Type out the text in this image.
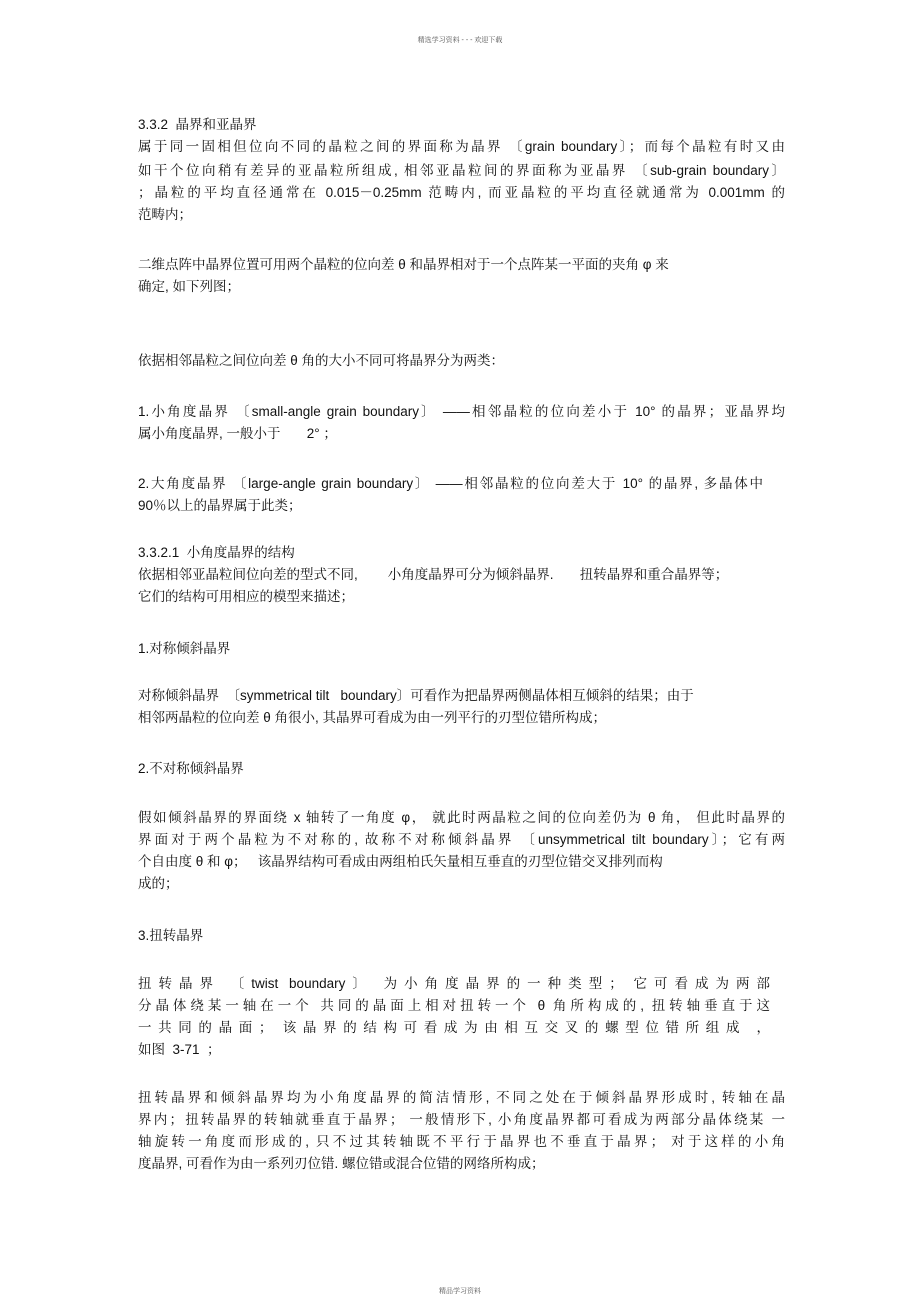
精选学习资料 - - - 欢迎下载
3.3.2  晶界和亚晶界
属于同一固相但位向不同的晶粒之间的界面称为晶界 〔grain boundary〕；而每个晶粒有时又由
如干个位向稍有差异的亚晶粒所组成, 相邻亚晶粒间的界面称为亚晶界 〔sub-grain boundary〕
；晶粒的平均直径通常在 0.015－0.25mm 范畴内, 而亚晶粒的平均直径就通常为 0.001mm 的
范畴内；
二维点阵中晶界位置可用两个晶粒的位向差 θ 和晶界相对于一个点阵某一平面的夹角 φ 来
确定, 如下列图；
依据相邻晶粒之间位向差 θ 角的大小不同可将晶界分为两类：
1.小角度晶界 〔small-angle grain boundary〕 ——相邻晶粒的位向差小于 10° 的晶界；亚晶界均
属小角度晶界, 一般小于       2° ；
2.大角度晶界 〔large-angle grain boundary〕 ——相邻晶粒的位向差大于 10° 的晶界, 多晶体中
90％以上的晶界属于此类；
3.3.2.1  小角度晶界的结构
依据相邻亚晶粒间位向差的型式不同,        小角度晶界可分为倾斜晶界.       扭转晶界和重合晶界等；
它们的结构可用相应的模型来描述；
1.对称倾斜晶界
对称倾斜晶界  〔symmetrical tilt   boundary〕可看作为把晶界两侧晶体相互倾斜的结果；由于
相邻两晶粒的位向差 θ 角很小, 其晶界可看成为由一列平行的刃型位错所构成；
2.不对称倾斜晶界
假如倾斜晶界的界面绕 x 轴转了一角度 φ， 就此时两晶粒之间的位向差仍为 θ 角， 但此时晶界的
界面对于两个晶粒为不对称的, 故称不对称倾斜晶界 〔unsymmetrical tilt boundary〕；它有两
个自由度 θ 和 φ；   该晶界结构可看成由两组柏氏矢量相互垂直的刃型位错交叉排列而构
成的；
3.扭转晶界
扭转晶界 〔twist boundary〕 为小角度晶界的一种类型； 它可看成为两部
分晶体绕某一轴在一个 共同的晶面上相对扭转一个 θ 角所构成的, 扭转轴垂直于这
一共同的晶面； 该晶界的结构可看成为由相互交叉的螺型位错所组成 ，
如图  3-71  ；
扭转晶界和倾斜晶界均为小角度晶界的简洁情形, 不同之处在于倾斜晶界形成时, 转轴在晶
界内；扭转晶界的转轴就垂直于晶界； 一般情形下, 小角度晶界都可看成为两部分晶体绕某 一
轴旋转一角度而形成的, 只不过其转轴既不平行于晶界也不垂直于晶界； 对于这样的小角
度晶界, 可看作为由一系列刃位错. 螺位错或混合位错的网络所构成；
精品学习资料
